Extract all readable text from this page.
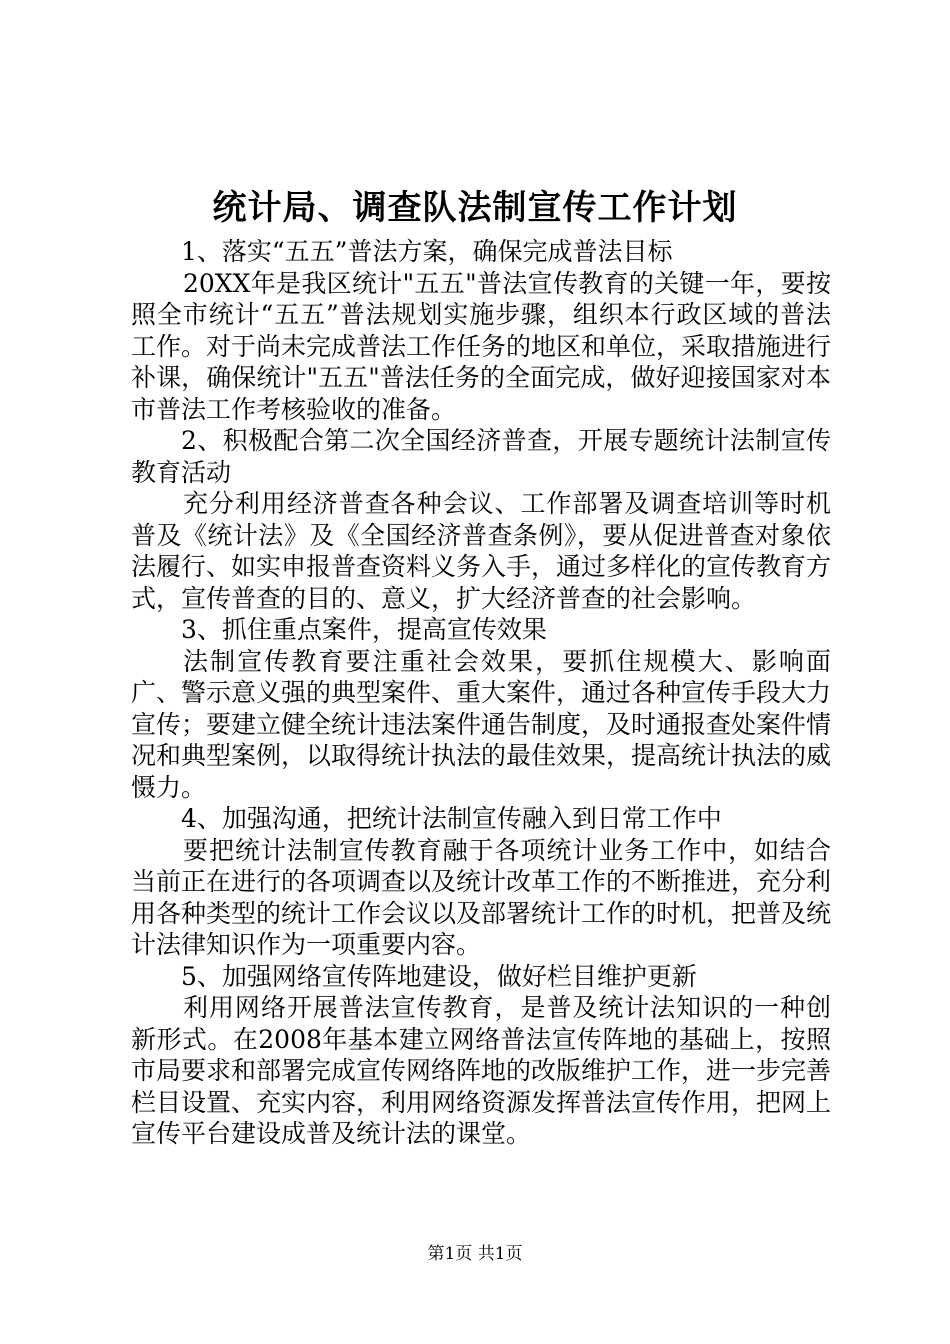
统计局、调查队法制宣传工作计划

1、落实“五五”普法方案，确保完成普法目标

20XX年是我区统计"五五"普法宣传教育的关键一年，要按照全市统计“五五”普法规划实施步骤，组织本行政区域的普法工作。对于尚未完成普法工作任务的地区和单位，采取措施进行补课，确保统计"五五"普法任务的全面完成，做好迎接国家对本市普法工作考核验收的准备。

2、积极配合第二次全国经济普查，开展专题统计法制宣传教育活动

充分利用经济普查各种会议、工作部署及调查培训等时机普及《统计法》及《全国经济普查条例》，要从促进普查对象依法履行、如实申报普查资料义务入手，通过多样化的宣传教育方式，宣传普查的目的、意义，扩大经济普查的社会影响。

3、抓住重点案件，提高宣传效果

法制宣传教育要注重社会效果，要抓住规模大、影响面广、警示意义强的典型案件、重大案件，通过各种宣传手段大力宣传；要建立健全统计违法案件通告制度，及时通报查处案件情况和典型案例，以取得统计执法的最佳效果，提高统计执法的威慑力。

4、加强沟通，把统计法制宣传融入到日常工作中

要把统计法制宣传教育融于各项统计业务工作中，如结合当前正在进行的各项调查以及统计改革工作的不断推进，充分利用各种类型的统计工作会议以及部署统计工作的时机，把普及统计法律知识作为一项重要内容。

5、加强网络宣传阵地建设，做好栏目维护更新

利用网络开展普法宣传教育，是普及统计法知识的一种创新形式。在2008年基本建立网络普法宣传阵地的基础上，按照市局要求和部署完成宣传网络阵地的改版维护工作，进一步完善栏目设置、充实内容，利用网络资源发挥普法宣传作用，把网上宣传平台建设成普及统计法的课堂。

第1页 共1页
